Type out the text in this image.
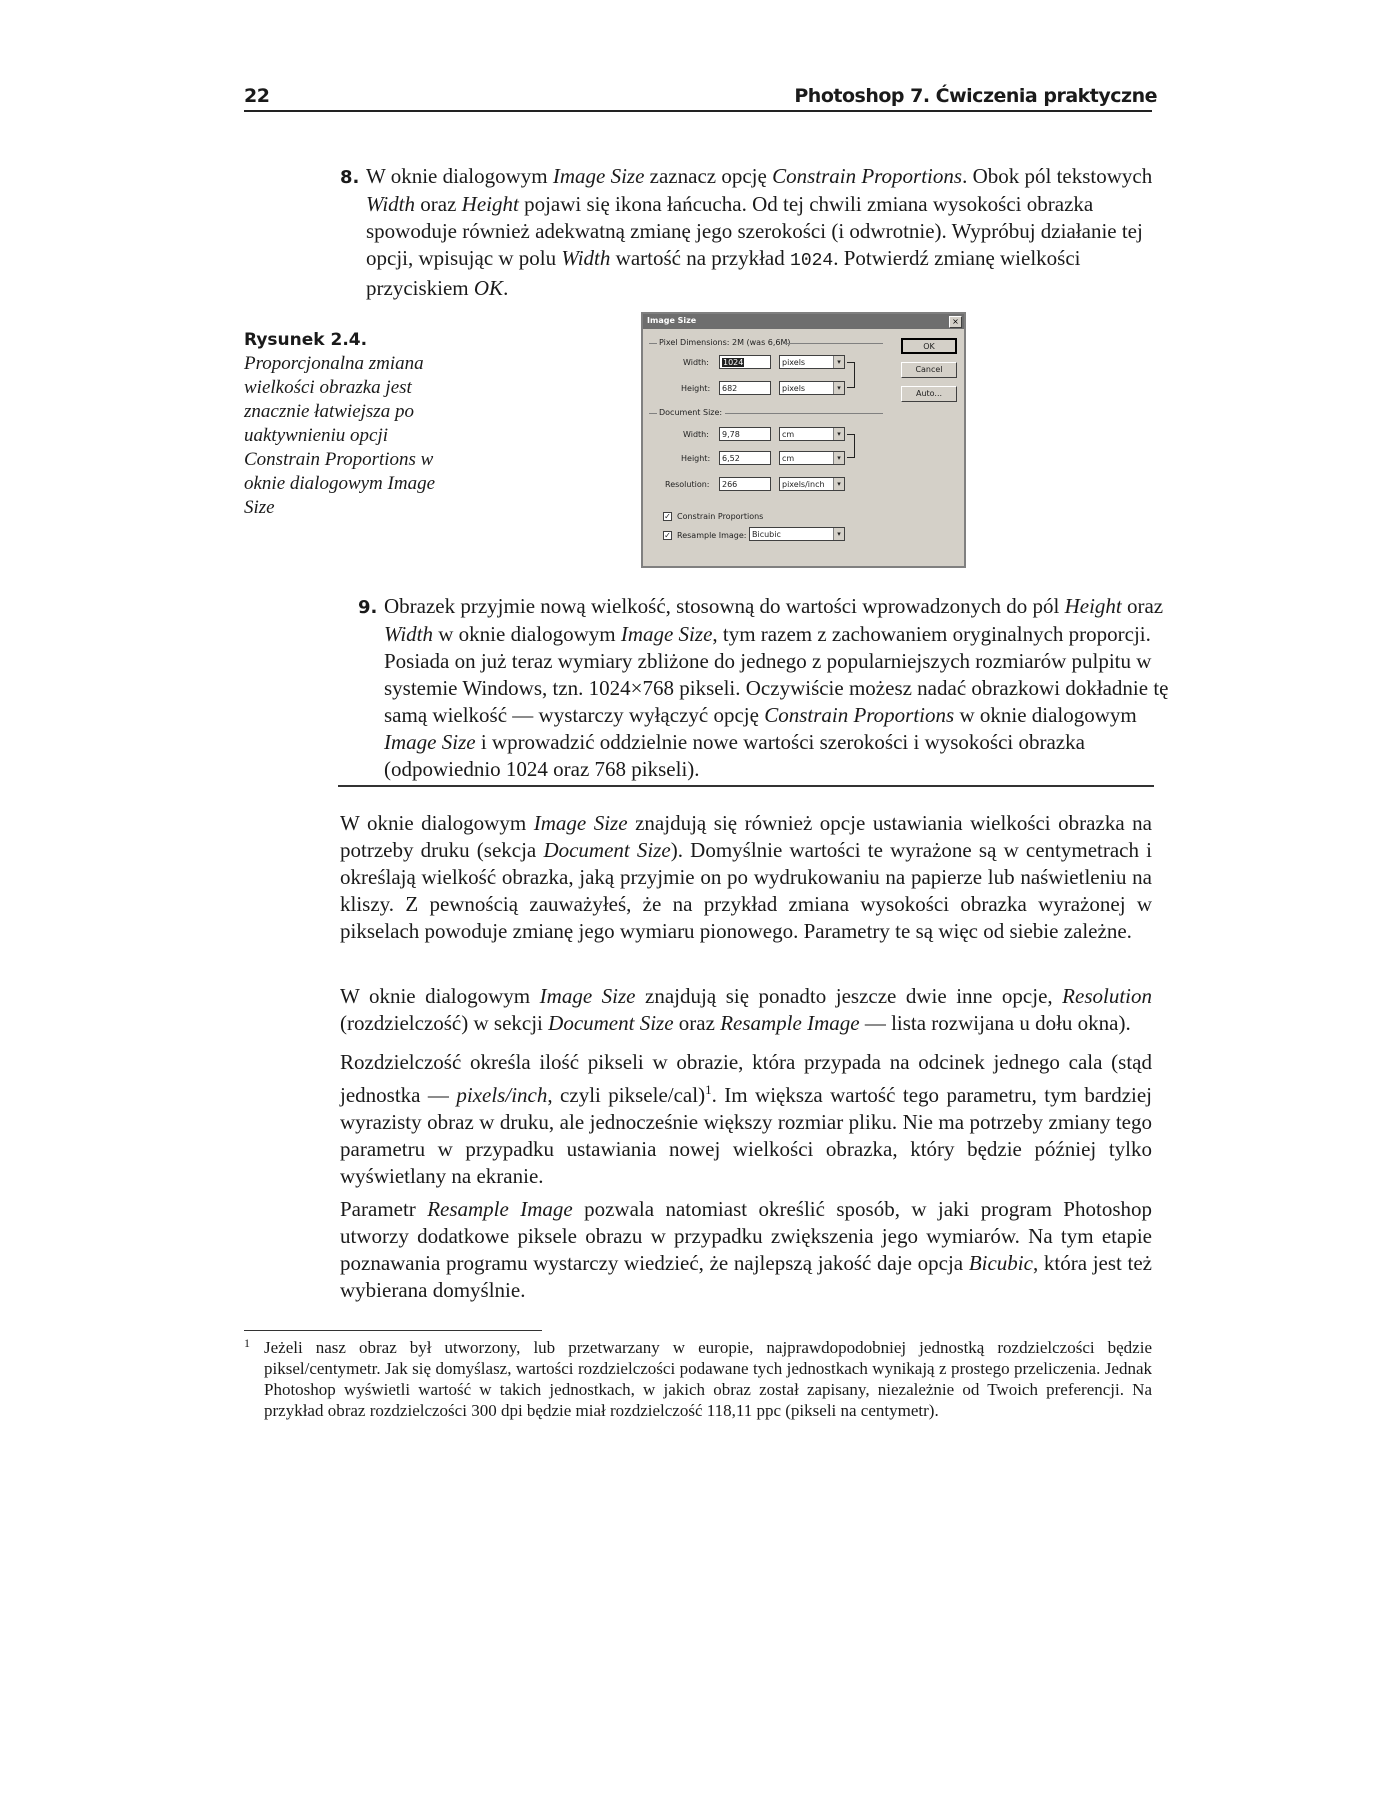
22	Photoshop 7. Ćwiczenia praktyczne

8. W oknie dialogowym Image Size zaznacz opcję Constrain Proportions. Obok pól tekstowych Width oraz Height pojawi się ikona łańcucha. Od tej chwili zmiana wysokości obrazka spowoduje również adekwatną zmianę jego szerokości (i odwrotnie). Wypróbuj działanie tej opcji, wpisując w polu Width wartość na przykład 1024. Potwierdź zmianę wielkości przyciskiem OK.

Rysunek 2.4.
Proporcjonalna zmiana wielkości obrazka jest znacznie łatwiejsza po uaktywnieniu opcji Constrain Proportions w oknie dialogowym Image Size
Image Size	×
Pixel Dimensions: 2M (was 6,6M)
Width:	1024	pixels	▾
Height:	682	pixels	▾
Document Size:
Width:	9,78	cm	▾
Height:	6,52	cm	▾
Resolution:	266	pixels/inch	▾
✓ Constrain Proportions
✓ Resample Image: Bicubic	▾
OK
Cancel
Auto...

9. Obrazek przyjmie nową wielkość, stosowną do wartości wprowadzonych do pól Height oraz Width w oknie dialogowym Image Size, tym razem z zachowaniem oryginalnych proporcji. Posiada on już teraz wymiary zbliżone do jednego z popularniejszych rozmiarów pulpitu w systemie Windows, tzn. 1024×768 pikseli. Oczywiście możesz nadać obrazkowi dokładnie tę samą wielkość — wystarczy wyłączyć opcję Constrain Proportions w oknie dialogowym Image Size i wprowadzić oddzielnie nowe wartości szerokości i wysokości obrazka (odpowiednio 1024 oraz 768 pikseli).

W oknie dialogowym Image Size znajdują się również opcje ustawiania wielkości obrazka na potrzeby druku (sekcja Document Size). Domyślnie wartości te wyrażone są w centymetrach i określają wielkość obrazka, jaką przyjmie on po wydrukowaniu na papierze lub naświetleniu na kliszy. Z pewnością zauważyłeś, że na przykład zmiana wysokości obrazka wyrażonej w pikselach powoduje zmianę jego wymiaru pionowego. Parametry te są więc od siebie zależne.

W oknie dialogowym Image Size znajdują się ponadto jeszcze dwie inne opcje, Resolution (rozdzielczość) w sekcji Document Size oraz Resample Image — lista rozwijana u dołu okna).

Rozdzielczość określa ilość pikseli w obrazie, która przypada na odcinek jednego cala (stąd jednostka — pixels/inch, czyli piksele/cal)$^1$. Im większa wartość tego parametru, tym bardziej wyrazisty obraz w druku, ale jednocześnie większy rozmiar pliku. Nie ma potrzeby zmiany tego parametru w przypadku ustawiania nowej wielkości obrazka, który będzie później tylko wyświetlany na ekranie.

Parametr Resample Image pozwala natomiast określić sposób, w jaki program Photoshop utworzy dodatkowe piksele obrazu w przypadku zwiększenia jego wymiarów. Na tym etapie poznawania programu wystarczy wiedzieć, że najlepszą jakość daje opcja Bicubic, która jest też wybierana domyślnie.

1 Jeżeli nasz obraz był utworzony, lub przetwarzany w europie, najprawdopodobniej jednostką rozdzielczości będzie piksel/centymetr. Jak się domyślasz, wartości rozdzielczości podawane tych jednostkach wynikają z prostego przeliczenia. Jednak Photoshop wyświetli wartość w takich jednostkach, w jakich obraz został zapisany, niezależnie od Twoich preferencji. Na przykład obraz rozdzielczości 300 dpi będzie miał rozdzielczość 118,11 ppc (pikseli na centymetr).
